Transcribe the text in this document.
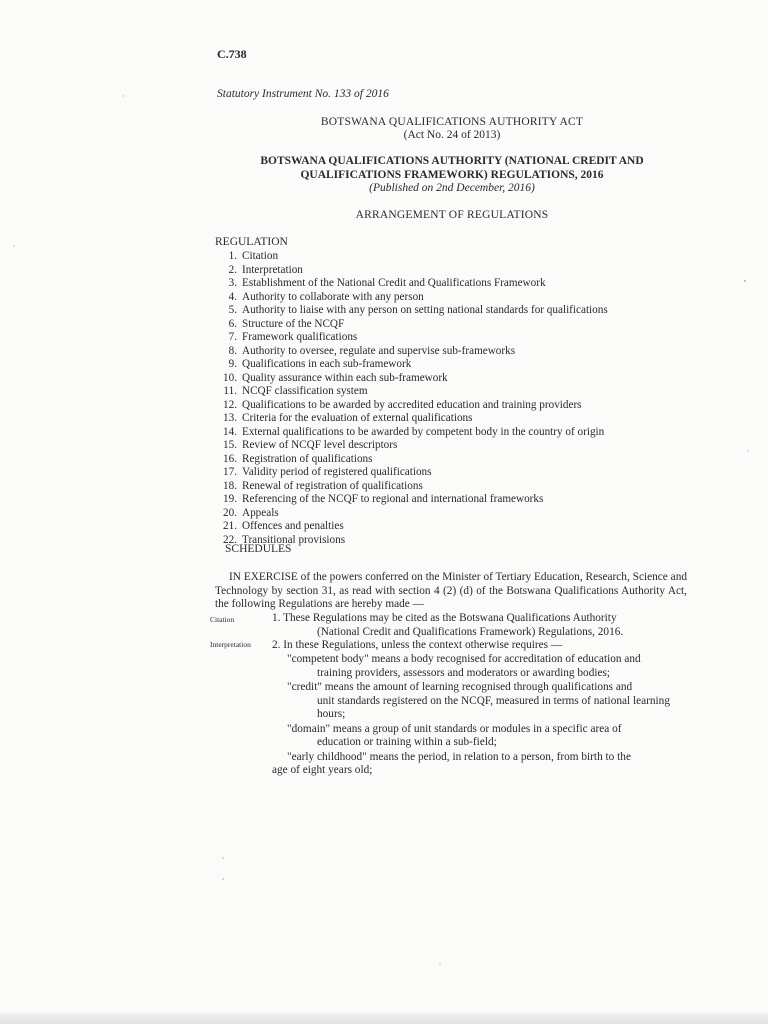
C.738
Statutory Instrument No. 133 of 2016
BOTSWANA QUALIFICATIONS AUTHORITY ACT
(Act No. 24 of 2013)
BOTSWANA QUALIFICATIONS AUTHORITY (NATIONAL CREDIT AND
QUALIFICATIONS FRAMEWORK) REGULATIONS, 2016
(Published on 2nd December, 2016)
ARRANGEMENT OF REGULATIONS
REGULATION
1. Citation
2. Interpretation
3. Establishment of the National Credit and Qualifications Framework
4. Authority to collaborate with any person
5. Authority to liaise with any person on setting national standards for qualifications
6. Structure of the NCQF
7. Framework qualifications
8. Authority to oversee, regulate and supervise sub-frameworks
9. Qualifications in each sub-framework
10. Quality assurance within each sub-framework
11. NCQF classification system
12. Qualifications to be awarded by accredited education and training providers
13. Criteria for the evaluation of external qualifications
14. External qualifications to be awarded by competent body in the country of origin
15. Review of NCQF level descriptors
16. Registration of qualifications
17. Validity period of registered qualifications
18. Renewal of registration of qualifications
19. Referencing of the NCQF to regional and international frameworks
20. Appeals
21. Offences and penalties
22. Transitional provisions
SCHEDULES
IN EXERCISE of the powers conferred on the Minister of Tertiary Education, Research, Science and Technology by section 31, as read with section 4 (2) (d) of the Botswana Qualifications Authority Act, the following Regulations are hereby made —
Citation
Interpretation
1. These Regulations may be cited as the Botswana Qualifications Authority
(National Credit and Qualifications Framework) Regulations, 2016.
2. In these Regulations, unless the context otherwise requires —
"competent body" means a body recognised for accreditation of education and
training providers, assessors and moderators or awarding bodies;
"credit" means the amount of learning recognised through qualifications and
unit standards registered on the NCQF, measured in terms of national learning hours;
"domain" means a group of unit standards or modules in a specific area of
education or training within a sub-field;
"early childhood" means the period, in relation to a person, from birth to the
age of eight years old;
